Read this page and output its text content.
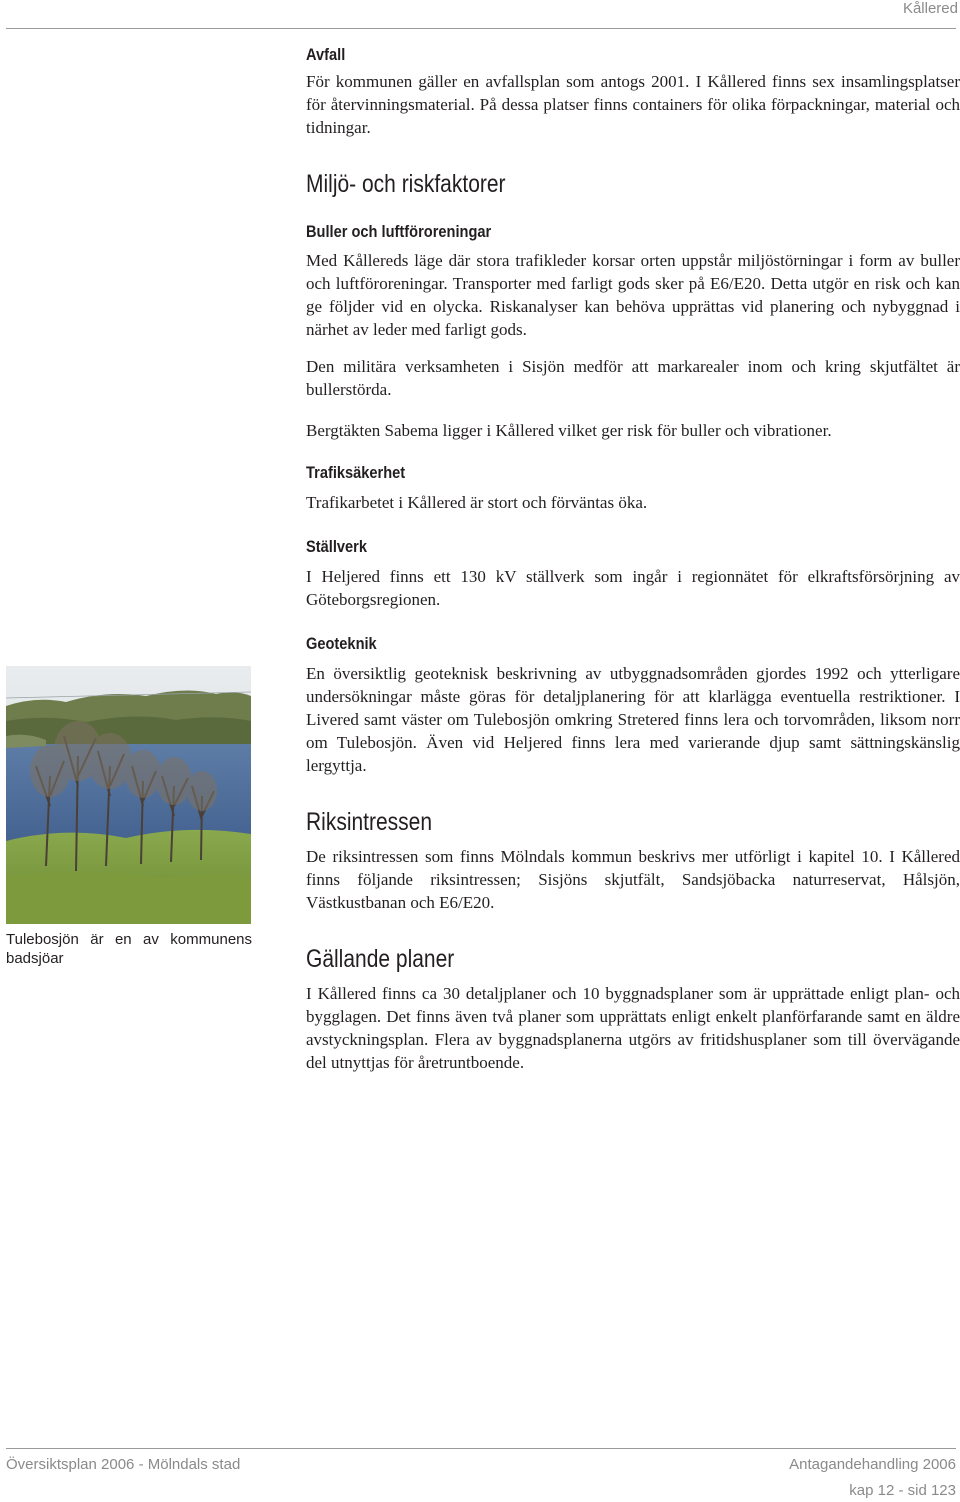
Kållered
Tulebosjön är en av kommunens badsjöar
Avfall

För kommunen gäller en avfallsplan som antogs 2001. I Kållered finns sex insamlingsplatser för återvinningsmaterial. På dessa platser finns containers för olika förpackningar, material och tidningar.

Miljö- och riskfaktorer
Buller och luftföroreningar

Med Kållereds läge där stora trafikleder korsar orten uppstår miljöstörningar i form av buller och luftföroreningar. Transporter med farligt gods sker på E6/E20. Detta utgör en risk och kan ge följder vid en olycka. Riskanalyser kan behöva upprättas vid planering och nybyggnad i närhet av leder med farligt gods.

Den militära verksamheten i Sisjön medför att markarealer inom och kring skjutfältet är bullerstörda.

Bergtäkten Sabema ligger i Kållered vilket ger risk för buller och vibrationer.

Trafiksäkerhet

Trafikarbetet i Kållered är stort och förväntas öka.

Ställverk

I Heljered finns ett 130 kV ställverk som ingår i regionnätet för elkraftsförsörjning av Göteborgsregionen.

Geoteknik

En översiktlig geoteknisk beskrivning av utbyggnadsområden gjordes 1992 och ytterligare undersökningar måste göras för detaljplanering för att klarlägga eventuella restriktioner. I Livered samt väster om Tulebosjön omkring Stretered finns lera och torvområden, liksom norr om Tulebosjön. Även vid Heljered finns lera med varierande djup samt sättningskänslig lergyttja.

Riksintressen

De riksintressen som finns Mölndals kommun beskrivs mer utförligt i kapitel 10. I Kållered finns följande riksintressen; Sisjöns skjutfält, Sandsjöbacka naturreservat, Hålsjön, Västkustbanan och E6/E20.

Gällande planer

I Kållered finns ca 30 detaljplaner och 10 byggnadsplaner som är upprättade enligt plan- och bygglagen. Det finns även två planer som upprättats enligt enkelt planförfarande samt en äldre avstyckningsplan. Flera av byggnadsplanerna utgörs av fritidshusplaner som till övervägande del utnyttjas för åretruntboende.

Översiktsplan 2006 - Mölndals stad	Antagandehandling 2006
kap 12 - sid 123
